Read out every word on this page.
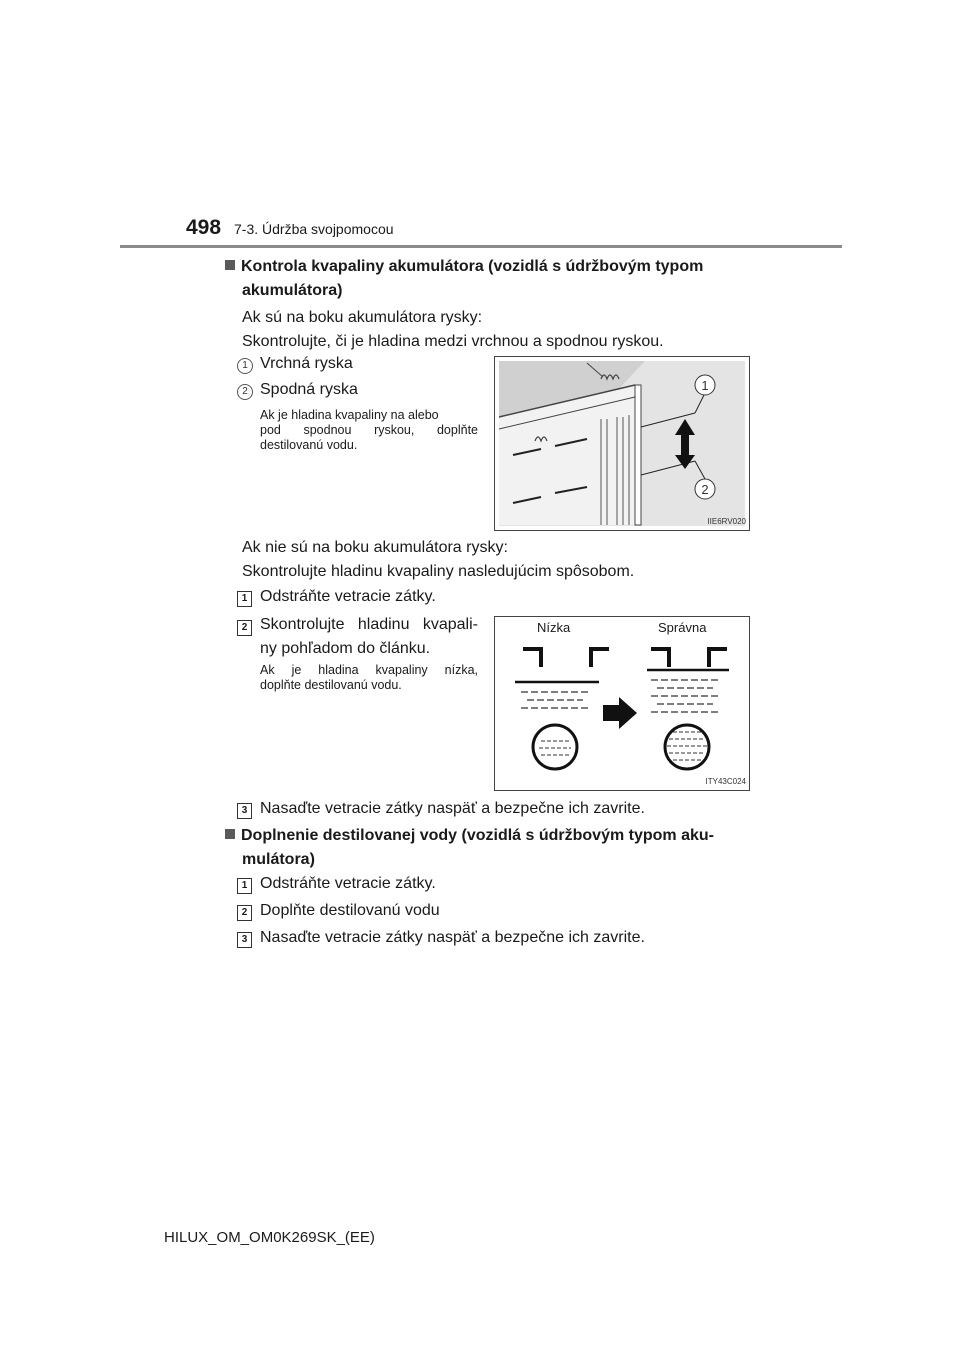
498 7-3. Údržba svojpomocou
Kontrola kvapaliny akumulátora (vozidlá s údržbovým typom
akumulátora)
Ak sú na boku akumulátora rysky:
Skontrolujte, či je hladina medzi vrchnou a spodnou ryskou.
1 Vrchná ryska
2 Spodná ryska
Ak je hladina kvapaliny na alebo
pod spodnou ryskou, doplňte
destilovanú vodu.
1
2
IIE6RV020
Ak nie sú na boku akumulátora rysky:
Skontrolujte hladinu kvapaliny nasledujúcim spôsobom.
1 Odstráňte vetracie zátky.
2 Skontrolujte hladinu kvapali-
ny pohľadom do článku.
Ak je hladina kvapaliny nízka,
doplňte destilovanú vodu.
Nízka	Správna
ITY43C024
3 Nasaďte vetracie zátky naspäť a bezpečne ich zavrite.
Doplnenie destilovanej vody (vozidlá s údržbovým typom aku-
mulátora)
1 Odstráňte vetracie zátky.
2 Doplňte destilovanú vodu
3 Nasaďte vetracie zátky naspäť a bezpečne ich zavrite.
HILUX_OM_OM0K269SK_(EE)
